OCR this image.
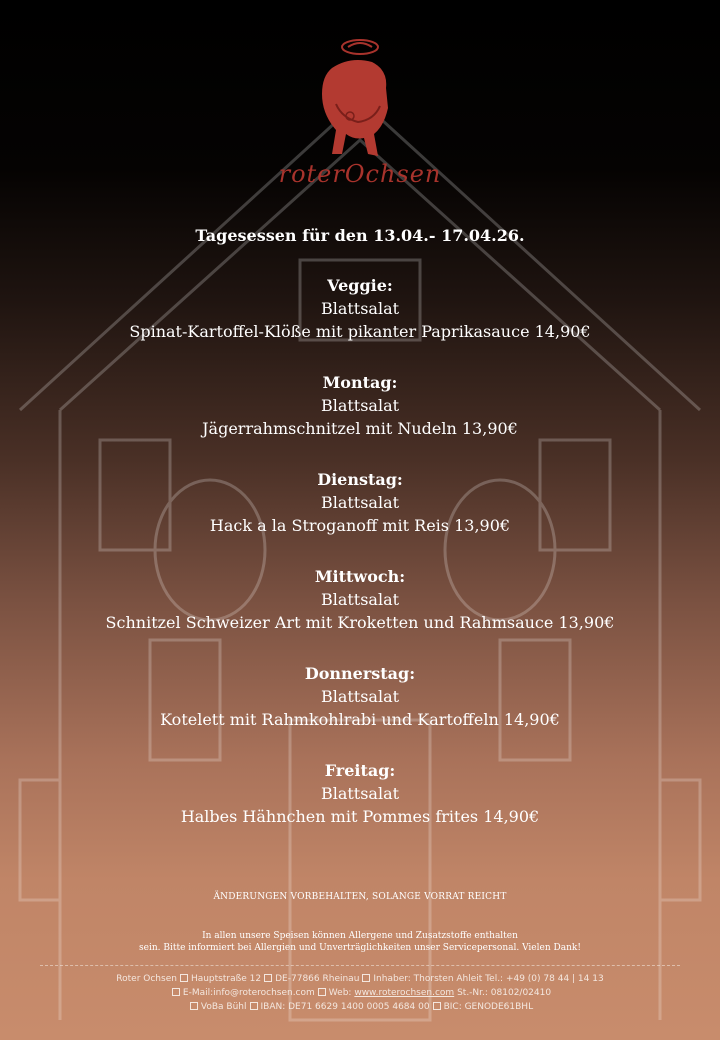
roterOchsen
Tagesessen für den 13.04.- 17.04.26.
Veggie:
Blattsalat
Spinat-Kartoffel-Klöße mit pikanter Paprikasauce 14,90€
Montag:
Blattsalat
Jägerrahmschnitzel mit Nudeln 13,90€
Dienstag:
Blattsalat
Hack a la Stroganoff mit Reis 13,90€
Mittwoch:
Blattsalat
Schnitzel Schweizer Art mit Kroketten und Rahmsauce 13,90€
Donnerstag:
Blattsalat
Kotelett mit Rahmkohlrabi und Kartoffeln 14,90€
Freitag:
Blattsalat
Halbes Hähnchen mit Pommes frites 14,90€
ÄNDERUNGEN VORBEHALTEN, SOLANGE VORRAT REICHT
In allen unsere Speisen können Allergene und Zusatzstoffe enthalten
sein. Bitte informiert bei Allergien und Unverträglichkeiten unser Servicepersonal. Vielen Dank!
Roter Ochsen Hauptstraße 12 DE-77866 Rheinau Inhaber: Thorsten Ahleit Tel.: +49 (0) 78 44 | 14 13
E-Mail:info@roterochsen.com Web: www.roterochsen.com St.-Nr.: 08102/02410
VoBa Bühl IBAN: DE71 6629 1400 0005 4684 00 BIC: GENODE61BHL
